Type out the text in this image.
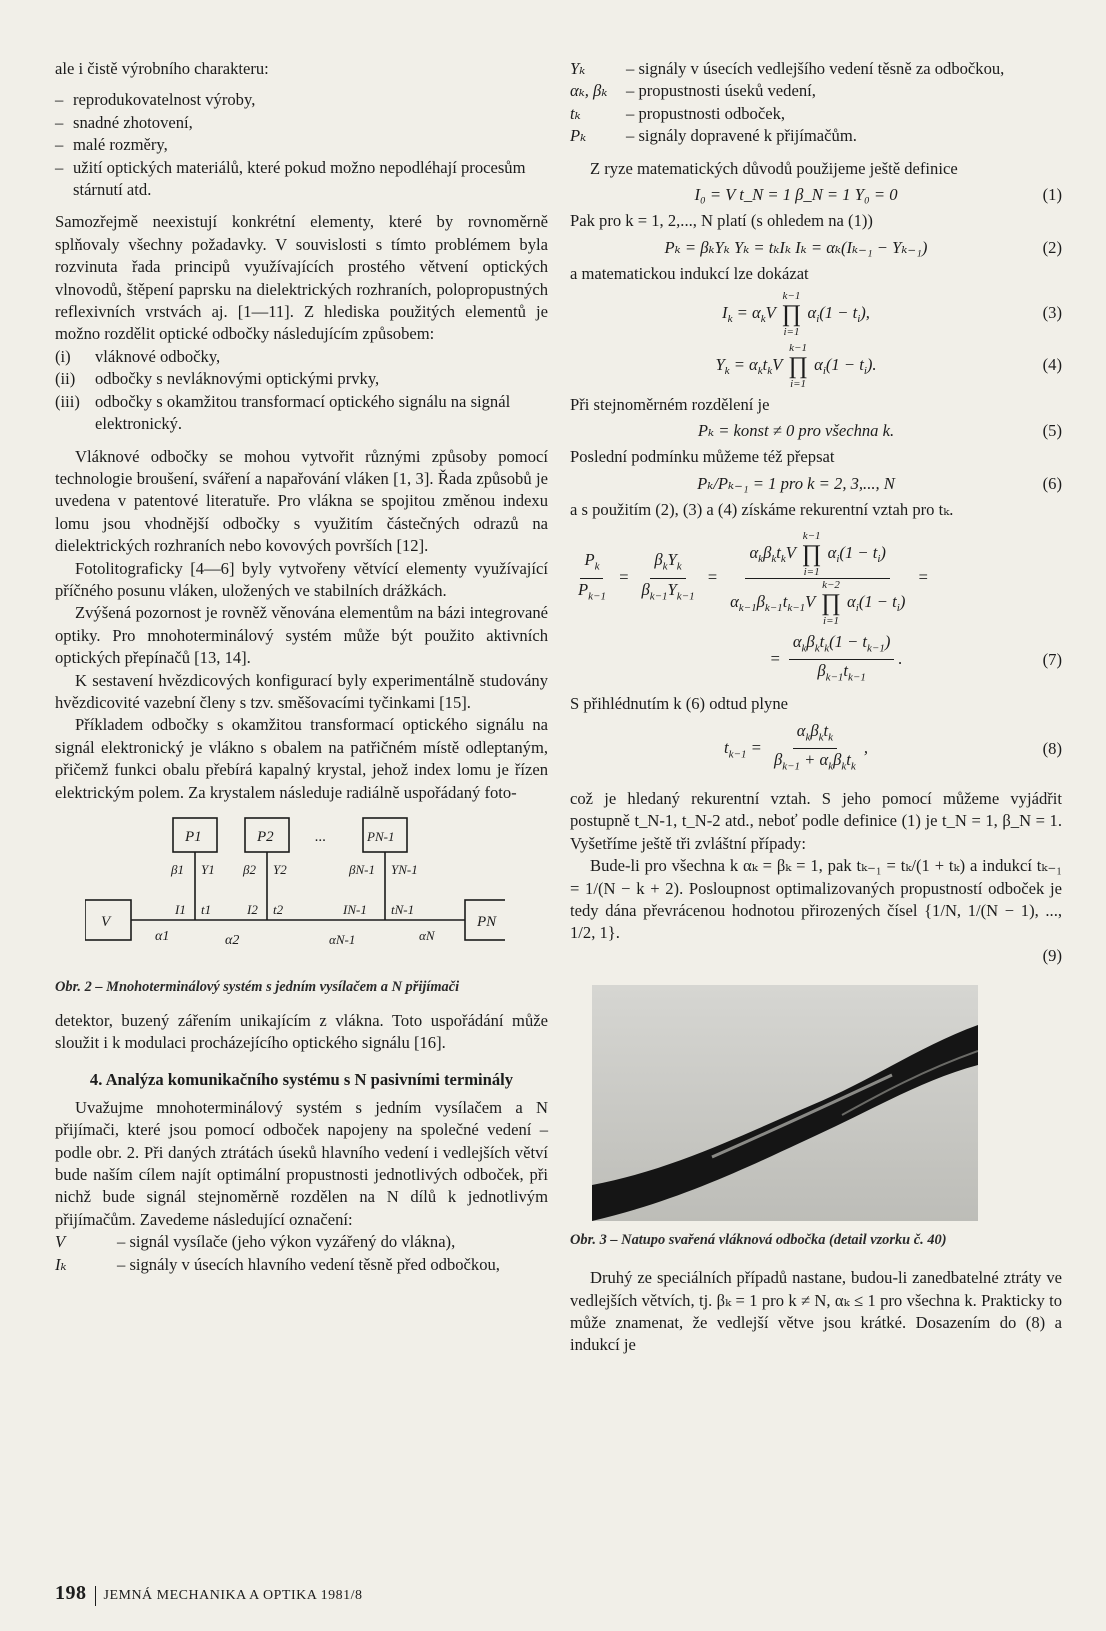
ale i čistě výrobního charakteru:

– reprodukovatelnost výroby,
– snadné zhotovení,
– malé rozměry,
– užití optických materiálů, které pokud možno nepodléhají procesům stárnutí atd.

Samozřejmě neexistují konkrétní elementy, které by rovnoměrně splňovaly všechny požadavky. V souvislosti s tímto problémem byla rozvinuta řada principů využívajících prostého větvení optických vlnovodů, štěpení paprsku na dielektrických rozhraních, polopropustných reflexivních vrstvách aj. [1—11]. Z hlediska použitých elementů je možno rozdělit optické odbočky následujícím způsobem:

(i)	vláknové odbočky,
(ii)	odbočky s nevláknovými optickými prvky,
(iii) odbočky s okamžitou transformací optického signálu na signál elektronický.

Vláknové odbočky se mohou vytvořit různými způsoby pomocí technologie broušení, sváření a napařování vláken [1, 3]. Řada způsobů je uvedena v patentové literatuře. Pro vlákna se spojitou změnou indexu lomu jsou vhodnější odbočky s využitím částečných odrazů na dielektrických rozhraních nebo kovových površích [12].

Fotolitograficky [4—6] byly vytvořeny větvící elementy využívající příčného posunu vláken, uložených ve stabilních drážkách.

Zvýšená pozornost je rovněž věnována elementům na bázi integrované optiky. Pro mnohoterminálový systém může být použito aktivních optických přepínačů [13, 14].

K sestavení hvězdicových konfigurací byly experimentálně studovány hvězdicovité vazební členy s tzv. směšovacími tyčinkami [15].

Příkladem odbočky s okamžitou transformací optického signálu na signál elektronický je vlákno s obalem na patřičném místě odleptaným, přičemž funkci obalu přebírá kapalný krystal, jehož index lomu je řízen elektrickým polem. Za krystalem následuje radiálně uspořádaný foto-

V	PN
P1	P2	...	PN-1
β1 Y1 β2 Y2	βN-1 YN-1
I1 t1	I2 t2	IN-1 tN-1
α1	α2	αN-1	αN

Obr. 2 – Mnohoterminálový systém s jedním vysílačem a N přijímači

detektor, buzený zářením unikajícím z vlákna. Toto uspořádání může sloužit i k modulaci procházejícího optického signálu [16].

4. Analýza komunikačního systému s N pasivními terminály

Uvažujme mnohoterminálový systém s jedním vysílačem a N přijímači, které jsou pomocí odboček napojeny na společné vedení – podle obr. 2. Při daných ztrátách úseků hlavního vedení i vedlejších větví bude naším cílem najít optimální propustnosti jednotlivých odboček, při nichž bude signál stejnoměrně rozdělen na N dílů k jednotlivým přijímačům. Zavedeme následující označení:

V	– signál vysílače (jeho výkon vyzářený do vlákna),
Iₖ	– signály v úsecích hlavního vedení těsně před odbočkou,
Yₖ	– signály v úsecích vedlejšího vedení těsně za odbočkou,
αₖ, βₖ	– propustnosti úseků vedení,
tₖ	– propustnosti odboček,
Pₖ	– signály dopravené k přijímačům.

Z ryze matematických důvodů použijeme ještě definice

I₀ = V t_N = 1 β_N = 1 Y₀ = 0	(1)

Pak pro k = 1, 2,..., N platí (s ohledem na (1))

Pₖ = βₖYₖ Yₖ = tₖIₖ Iₖ = αₖ(Iₖ₋₁ − Yₖ₋₁)	(2)

a matematickou indukcí lze dokázat

$I_k = \alpha_kV$
k−1
∏
i=1
$\alpha_i(1 - t_i)$,	(3)
$Y_k = \alpha_kt_kV$
k−1
∏
i=1
$\alpha_i(1 - t_i)$.	(4)

Při stejnoměrném rozdělení je

Pₖ = konst ≠ 0 pro všechna k.	(5)

Poslední podmínku můžeme též přepsat

Pₖ/Pₖ₋₁ = 1 pro k = 2, 3,..., N	(6)

a s použitím (2), (3) a (4) získáme rekurentní vztah pro tₖ.

$\frac{P_k}{P_{k-1}} = \frac{\beta_kY_k}{\beta_{k-1}Y_{k-1}} = \alpha_k\beta_kt_kV$
k−1
∏
i=1
$\alpha_i(1 - t_i)$
$\alpha_{k-1}\beta_{k-1}t_{k-1}V$
k−2
∏
i=1
$\alpha_i(1 - t_i)$ =
= $\frac{\alpha_k\beta_kt_k(1 - t_{k-1})}{\beta_{k-1}t_{k-1}}$ .	(7)

S přihlédnutím k (6) odtud plyne

$t_{k-1} = \frac{\alpha_k\beta_kt_k}{\beta_{k-1} + \alpha_k\beta_kt_k}$ ,	(8)

což je hledaný rekurentní vztah. S jeho pomocí můžeme vyjádřit postupně t_N-1, t_N-2 atd., neboť podle definice (1) je t_N = 1, β_N = 1. Vyšetříme ještě tři zvláštní případy:

Bude-li pro všechna k αₖ = βₖ = 1, pak tₖ₋₁ = tₖ/(1 + tₖ) a indukcí tₖ₋₁ = 1/(N − k + 2). Posloupnost optimalizovaných propustností odboček je tedy dána převrácenou hodnotou přirozených čísel {1/N, 1/(N − 1), ..., 1/2, 1}.

(9)

Obr. 3 – Natupo svařená vláknová odbočka (detail vzorku č. 40)

Druhý ze speciálních případů nastane, budou-li zanedbatelné ztráty ve vedlejších větvích, tj. βₖ = 1 pro k ≠ N, αₖ ≤ 1 pro všechna k. Prakticky to může znamenat, že vedlejší větve jsou krátké. Dosazením do (8) a indukcí je

198 JEMNÁ MECHANIKA A OPTIKA 1981/8
